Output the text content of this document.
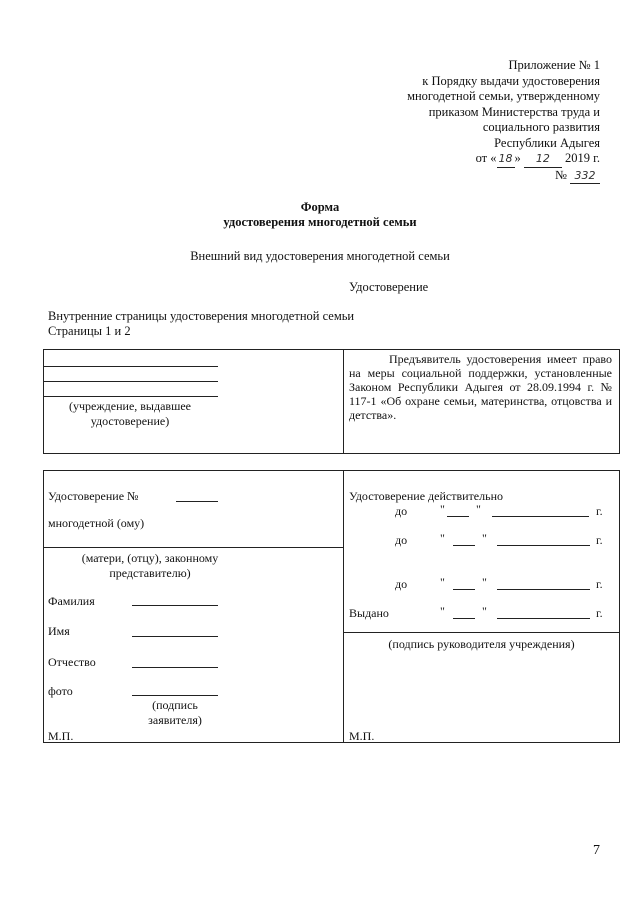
Приложение № 1
к Порядку выдачи удостоверения
многодетной семьи, утвержденному
приказом Министерства труда и
социального развития
Республики Адыгея
от « 18 » 12 2019 г.
№ 332
Форма
удостоверения многодетной семьи
Внешний вид удостоверения многодетной семьи
Удостоверение
Внутренние страницы удостоверения многодетной семьи
Страницы 1 и 2
(учреждение, выдавшее удостоверение)
Предъявитель удостоверения имеет право на меры социальной поддержки, установленные Законом Республики Адыгея от 28.09.1994 г. № 117-1 «Об охране семьи, материнства, отцовства и детства».
Удостоверение №
многодетной (ому)
(матери, (отцу), законному представителю)
Фамилия
Имя
Отчество
фото
(подпись заявителя)
М.П.
Удостоверение действительно
до	"	"	г.
до	"	"	г.
до	"	"	г.
Выдано	"	"	г.
(подпись руководителя учреждения)
М.П.
7
